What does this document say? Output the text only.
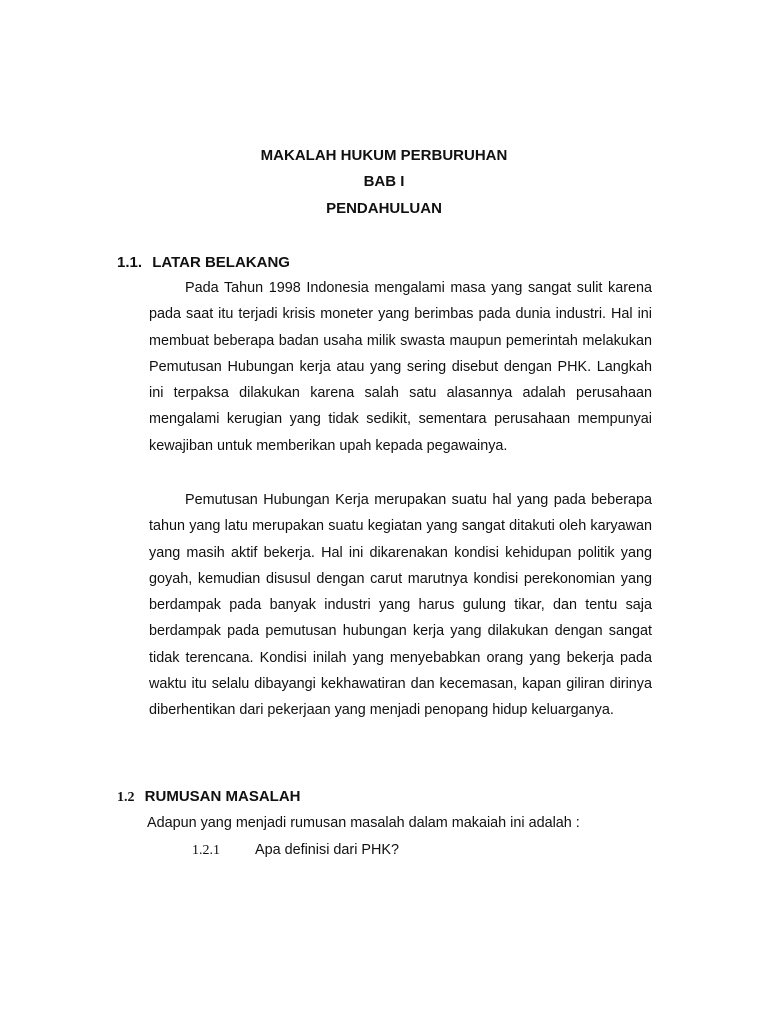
MAKALAH HUKUM PERBURUHAN
BAB I
PENDAHULUAN
1.1. LATAR BELAKANG

Pada Tahun 1998 Indonesia mengalami masa yang sangat sulit karena pada saat itu terjadi krisis moneter yang berimbas pada dunia industri. Hal ini membuat beberapa badan usaha milik swasta maupun pemerintah melakukan Pemutusan Hubungan kerja atau yang sering disebut dengan PHK. Langkah ini terpaksa dilakukan karena salah satu alasannya adalah perusahaan mengalami kerugian yang tidak sedikit, sementara perusahaan mempunyai kewajiban untuk memberikan upah kepada pegawainya.

Pemutusan Hubungan Kerja merupakan suatu hal yang pada beberapa tahun yang latu merupakan suatu kegiatan yang sangat ditakuti oleh karyawan yang masih aktif bekerja. Hal ini dikarenakan kondisi kehidupan politik yang goyah, kemudian disusul dengan carut marutnya kondisi perekonomian yang berdampak pada banyak industri yang harus gulung tikar, dan tentu saja berdampak pada pemutusan hubungan kerja yang dilakukan dengan sangat tidak terencana. Kondisi inilah yang menyebabkan orang yang bekerja pada waktu itu selalu dibayangi kekhawatiran dan kecemasan, kapan giliran dirinya diberhentikan dari pekerjaan yang menjadi penopang hidup keluarganya.

1.2 RUMUSAN MASALAH
Adapun yang menjadi rumusan masalah dalam makaiah ini adalah :
1.2.1 Apa definisi dari PHK?
